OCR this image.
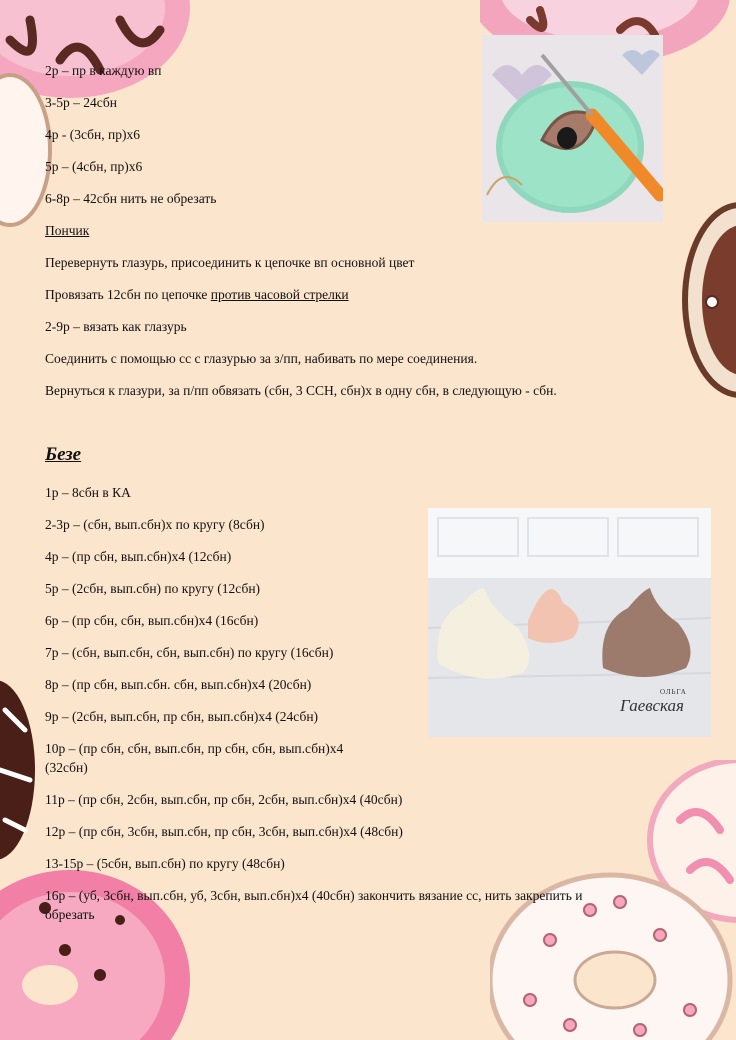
ОЛЬГА
Гаевская
2р – пр в каждую вп
3-5р – 24сбн
4р - (3сбн, пр)х6
5р – (4сбн, пр)х6
6-8р – 42сбн нить не обрезать
Пончик
Перевернуть глазурь, присоединить к цепочке вп основной цвет
Провязать 12сбн по цепочке против часовой стрелки
2-9р – вязать как глазурь
Соединить с помощью сс с глазурью за з/пп, набивать по мере соединения.
Вернуться к глазури, за п/пп обвязать (сбн, 3 ССН, сбн)х в одну сбн, в следующую - сбн.
Безе
1р – 8сбн в КА
2-3р – (сбн, вып.сбн)х по кругу (8сбн)
4р – (пр сбн, вып.сбн)х4 (12сбн)
5р – (2сбн, вып.сбн) по кругу (12сбн)
6р – (пр сбн, сбн, вып.сбн)х4 (16сбн)
7р – (сбн, вып.сбн, сбн, вып.сбн) по кругу (16сбн)
8р – (пр сбн, вып.сбн. сбн, вып.сбн)х4 (20сбн)
9р – (2сбн, вып.сбн, пр сбн, вып.сбн)х4 (24сбн)
10р – (пр сбн, сбн, вып.сбн, пр сбн, сбн, вып.сбн)х4
(32сбн)
11р – (пр сбн, 2сбн, вып.сбн, пр сбн, 2сбн, вып.сбн)х4 (40сбн)
12р – (пр сбн, 3сбн, вып.сбн, пр сбн, 3сбн, вып.сбн)х4 (48сбн)
13-15р – (5сбн, вып.сбн) по кругу (48сбн)
16р – (уб, 3сбн, вып.сбн, уб, 3сбн, вып.сбн)х4 (40сбн) закончить вязание сс, нить закрепить и
обрезать
